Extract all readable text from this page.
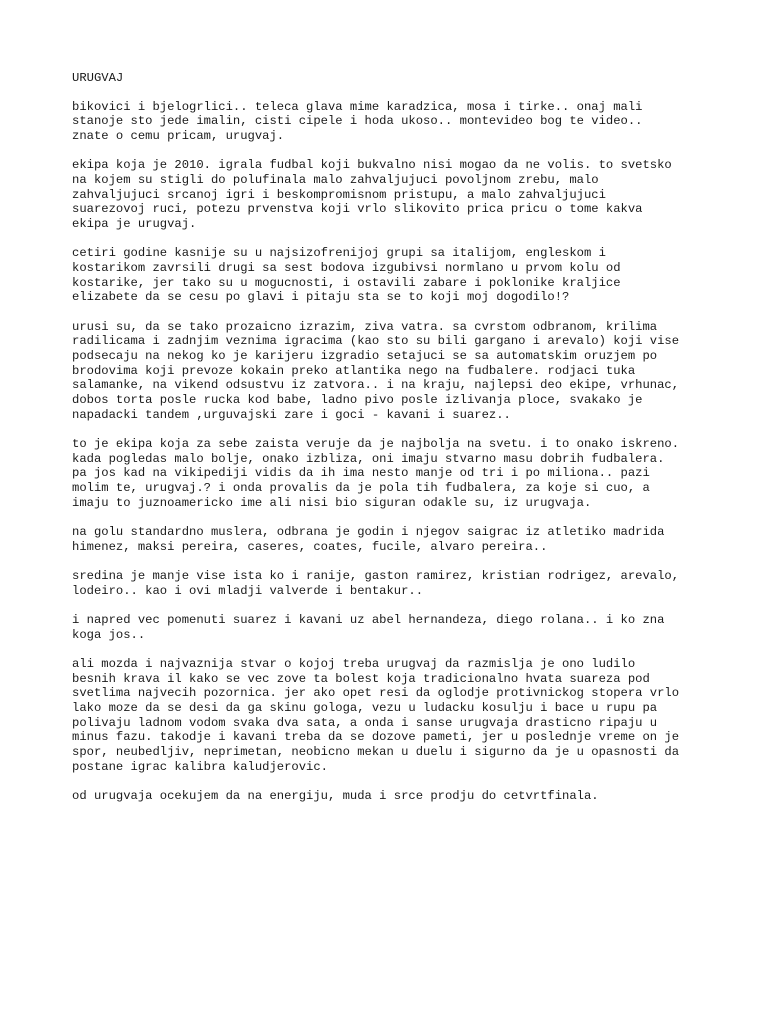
URUGVAJ
bikovici i bjelogrlici.. teleca glava mime karadzica, mosa i tirke.. onaj mali
stanoje sto jede imalin, cisti cipele i hoda ukoso.. montevideo bog te video..
znate o cemu pricam, urugvaj.
ekipa koja je 2010. igrala fudbal koji bukvalno nisi mogao da ne volis. to svetsko
na kojem su stigli do polufinala malo zahvaljujuci povoljnom zrebu, malo
zahvaljujuci srcanoj igri i beskompromisnom pristupu, a malo zahvaljujuci
suarezovoj ruci, potezu prvenstva koji vrlo slikovito prica pricu o tome kakva
ekipa je urugvaj.
cetiri godine kasnije su u najsizofrenijoj grupi sa italijom, engleskom i
kostarikom zavrsili drugi sa sest bodova izgubivsi normlano u prvom kolu od
kostarike, jer tako su u mogucnosti, i ostavili zabare i poklonike kraljice
elizabete da se cesu po glavi i pitaju sta se to koji moj dogodilo!?
urusi su, da se tako prozaicno izrazim, ziva vatra. sa cvrstom odbranom, krilima
radilicama i zadnjim veznima igracima (kao sto su bili gargano i arevalo) koji vise
podsecaju na nekog ko je karijeru izgradio setajuci se sa automatskim oruzjem po
brodovima koji prevoze kokain preko atlantika nego na fudbalere. rodjaci tuka
salamanke, na vikend odsustvu iz zatvora.. i na kraju, najlepsi deo ekipe, vrhunac,
dobos torta posle rucka kod babe, ladno pivo posle izlivanja ploce, svakako je
napadacki tandem ,urguvajski zare i goci - kavani i suarez..
to je ekipa koja za sebe zaista veruje da je najbolja na svetu. i to onako iskreno.
kada pogledas malo bolje, onako izbliza, oni imaju stvarno masu dobrih fudbalera.
pa jos kad na vikipediji vidis da ih ima nesto manje od tri i po miliona.. pazi
molim te, urugvaj.? i onda provalis da je pola tih fudbalera, za koje si cuo, a
imaju to juznoamericko ime ali nisi bio siguran odakle su, iz urugvaja.
na golu standardno muslera, odbrana je godin i njegov saigrac iz atletiko madrida
himenez, maksi pereira, caseres, coates, fucile, alvaro pereira..
sredina je manje vise ista ko i ranije, gaston ramirez, kristian rodrigez, arevalo,
lodeiro.. kao i ovi mladji valverde i bentakur..
i napred vec pomenuti suarez i kavani uz abel hernandeza, diego rolana.. i ko zna
koga jos..
ali mozda i najvaznija stvar o kojoj treba urugvaj da razmislja je ono ludilo
besnih krava il kako se vec zove ta bolest koja tradicionalno hvata suareza pod
svetlima najvecih pozornica. jer ako opet resi da oglodje protivnickog stopera vrlo
lako moze da se desi da ga skinu gologa, vezu u ludacku kosulju i bace u rupu pa
polivaju ladnom vodom svaka dva sata, a onda i sanse urugvaja drasticno ripaju u
minus fazu. takodje i kavani treba da se dozove pameti, jer u poslednje vreme on je
spor, neubedljiv, neprimetan, neobicno mekan u duelu i sigurno da je u opasnosti da
postane igrac kalibra kaludjerovic.
od urugvaja ocekujem da na energiju, muda i srce prodju do cetvrtfinala.
